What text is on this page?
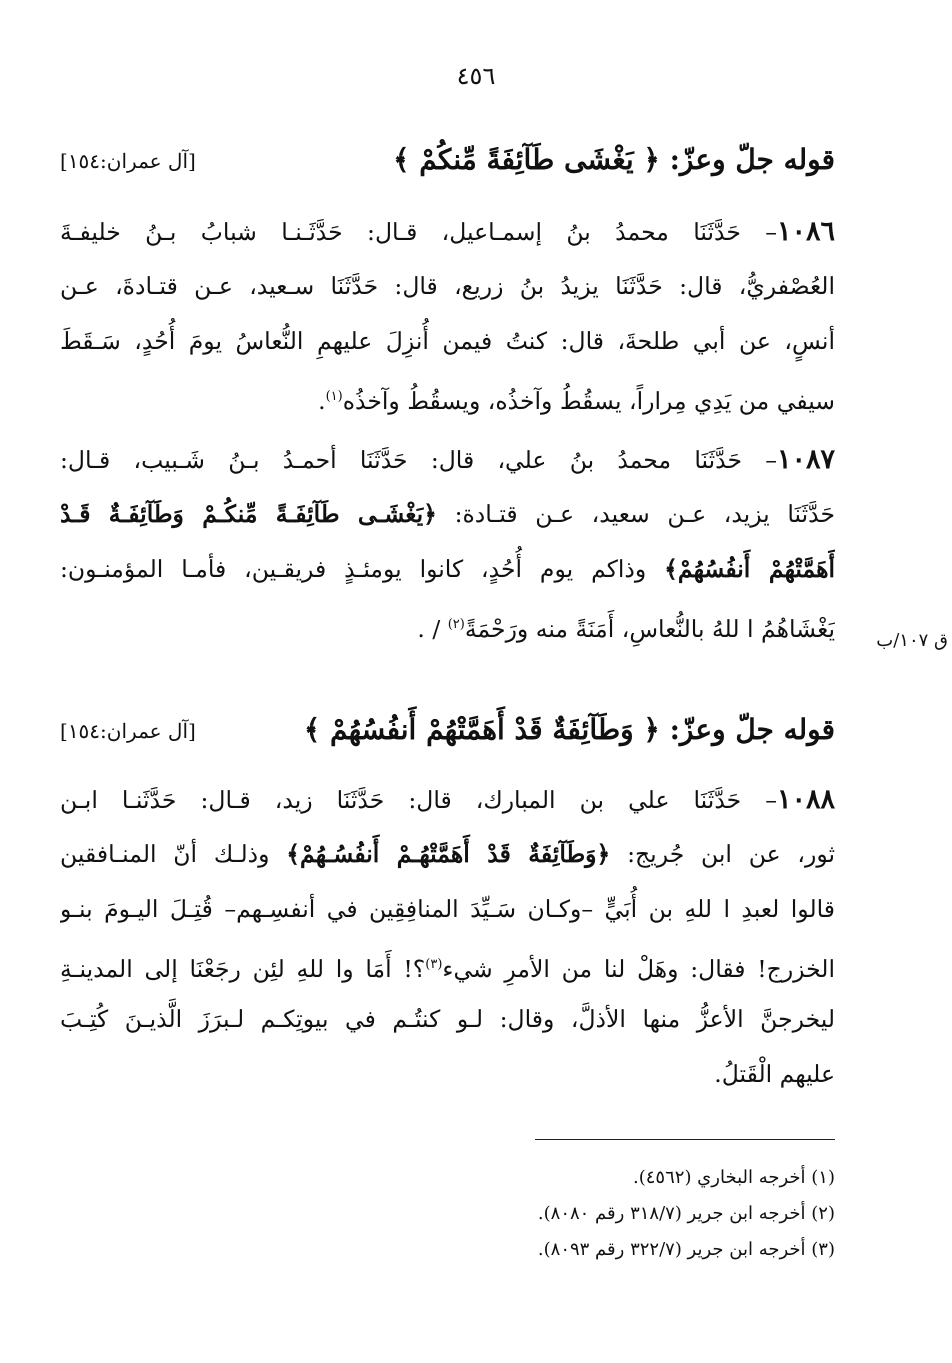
٤٥٦
قوله جلّ وعزّ: ﴿ يَغْشَى طَآئِفَةً مِّنكُمْ ﴾
[آل عمران:١٥٤]
١٠٨٦– حَدَّثَنَا محمدُ بنُ إسمـاعيل، قـال: حَدَّثَـنـا شبابُ بـنُ خليفـةَ
العُصْفريُّ، قال: حَدَّثَنَا يزيدُ بنُ زريع، قال: حَدَّثَنَا سـعيد، عـن قتـادةَ، عـن
أنسٍ، عن أبي طلحةَ، قال: كنتُ فيمن أُنزِلَ عليهمِ النُّعاسُ يومَ أُحُدٍ، سَـقَطَ
سيفي من يَدِي مِراراً، يسقُطُ وآخذُه، ويسقُطُ وآخذُه$^{(١)}$.
١٠٨٧– حَدَّثَنَا محمدُ بنُ علي، قال: حَدَّثَنَا أحمـدُ بـنُ شَـبيب، قـال:
حَدَّثَنَا يزيد، عـن سعيد، عـن قتـادة: ﴿يَغْشَـى طَآئِفَـةً مِّنكُـمْ وَطَآئِفَـةٌ قَـدْ
أَهَمَّتْهُمْ أَنفُسُهُمْ﴾ وذاكم يوم أُحُدٍ، كانوا يومئـذٍ فريقـين، فأمـا المؤمنـون:
يَغْشَاهُمُ ا للهُ بالنُّعاسِ، أَمَنَةً منه ورَحْمَةً$^{(٢)}$ / .	ق ١٠٧/ب
قوله جلّ وعزّ: ﴿ وَطَآئِفَةٌ قَدْ أَهَمَّتْهُمْ أَنفُسُهُمْ ﴾
[آل عمران:١٥٤]
١٠٨٨– حَدَّثَنَا علي بن المبارك، قال: حَدَّثَنَا زيد، قـال: حَدَّثَنـا ابـن
ثور، عن ابن جُريج: ﴿وَطَآئِفَةٌ قَدْ أَهَمَّتْهُـمْ أَنفُسُـهُمْ﴾ وذلـك أنّ المنـافقين
قالوا لعبدِ ا للهِ بن أُبَيٍّ –وكـان سَـيِّدَ المنافِقِين في أنفسِـهم– قُتِـلَ اليـومَ بنـو
الخزرج! فقال: وهَلْ لنا من الأمرِ شيء$^{(٣)}$؟! أَمَا وا للهِ لئِن رجَعْنَا إلى المدينـةِ
ليخرجنَّ الأعزُّ منها الأذلَّ، وقال: لـو كنتُـم في بيوتِكـم لـبرَزَ الَّذيـنَ كُتِـبَ
عليهم الْقَتلُ.
(١) أخرجه البخاري (٤٥٦٢).
(٢) أخرجه ابن جرير (٣١٨/٧ رقم ٨٠٨٠).
(٣) أخرجه ابن جرير (٣٢٢/٧ رقم ٨٠٩٣).
